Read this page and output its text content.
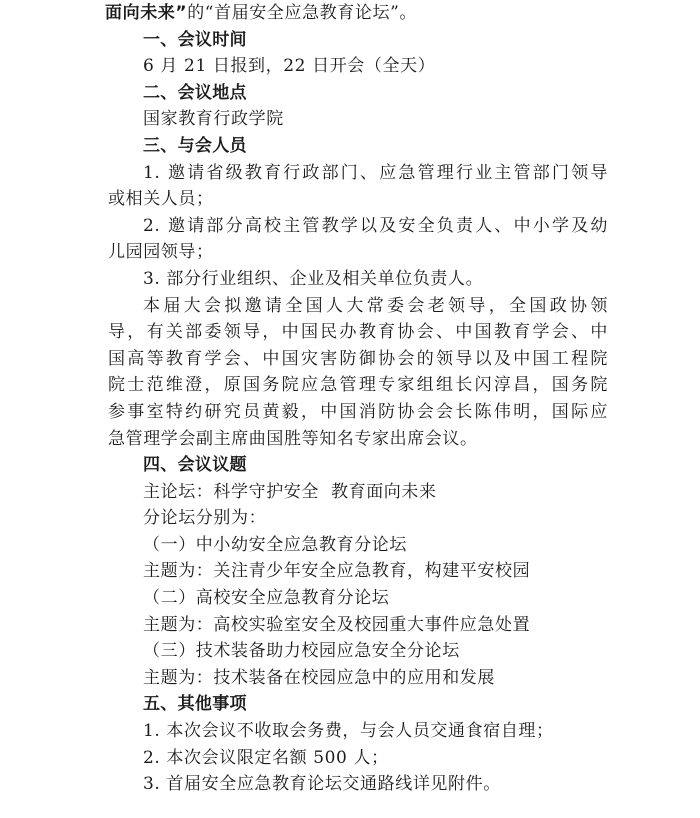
面向未来”的“首届安全应急教育论坛”。
一、会议时间
6 月 21 日报到，22 日开会（全天）
二、会议地点
国家教育行政学院
三、与会人员
1. 邀请省级教育行政部门、应急管理行业主管部门领导
或相关人员；
2. 邀请部分高校主管教学以及安全负责人、中小学及幼
儿园园领导；
3. 部分行业组织、企业及相关单位负责人。
本届大会拟邀请全国人大常委会老领导，全国政协领
导，有关部委领导，中国民办教育协会、中国教育学会、中
国高等教育学会、中国灾害防御协会的领导以及中国工程院
院士范维澄，原国务院应急管理专家组组长闪淳昌，国务院
参事室特约研究员黄毅，中国消防协会会长陈伟明，国际应
急管理学会副主席曲国胜等知名专家出席会议。
四、会议议题
主论坛：科学守护安全  教育面向未来
分论坛分别为：
（一）中小幼安全应急教育分论坛
主题为：关注青少年安全应急教育，构建平安校园
（二）高校安全应急教育分论坛
主题为：高校实验室安全及校园重大事件应急处置
（三）技术装备助力校园应急安全分论坛
主题为：技术装备在校园应急中的应用和发展
五、其他事项
1. 本次会议不收取会务费，与会人员交通食宿自理；
2. 本次会议限定名额 500 人；
3. 首届安全应急教育论坛交通路线详见附件。
